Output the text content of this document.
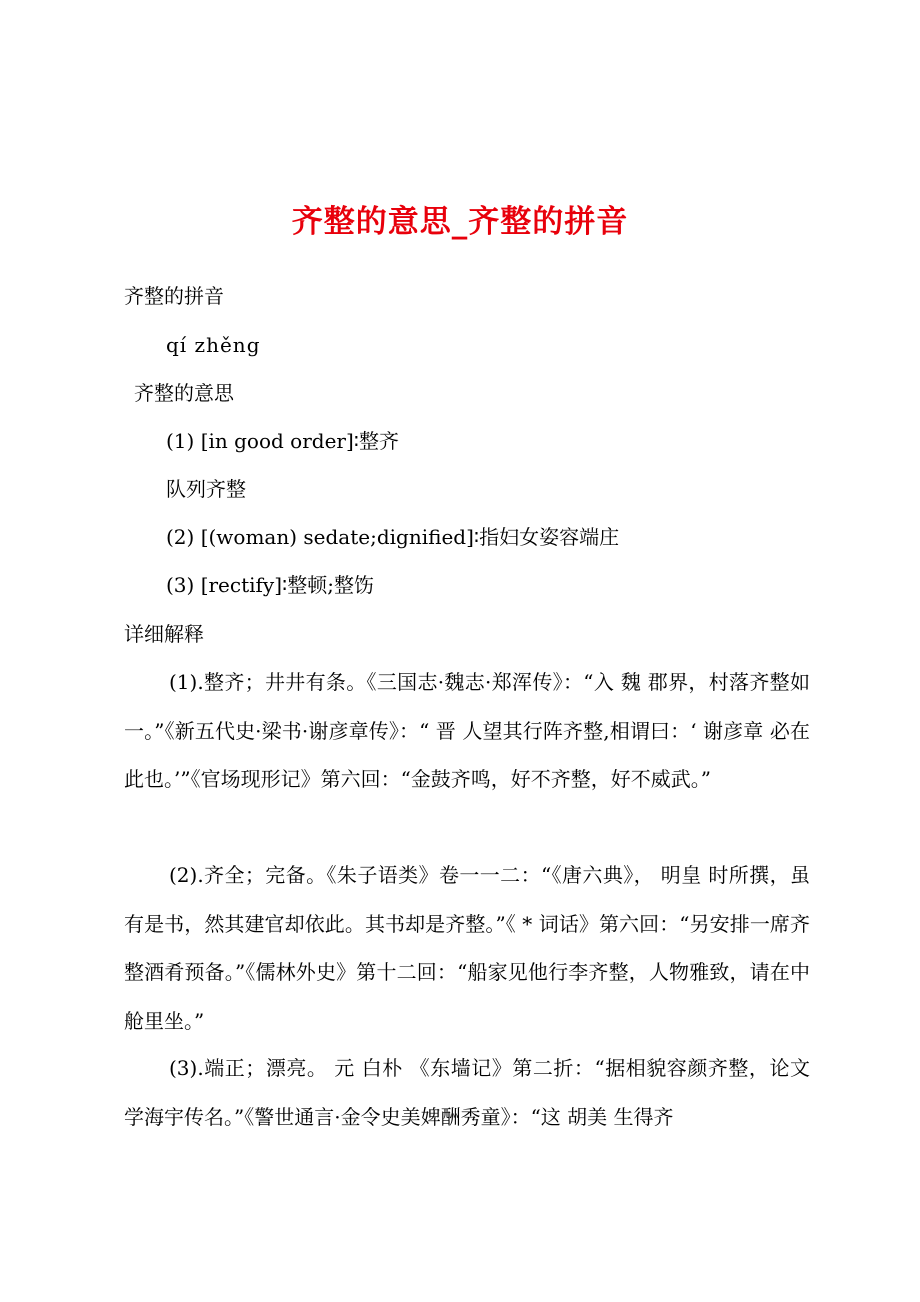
齐整的意思_齐整的拼音

齐整的拼音

qí zhěng

齐整的意思

(1) [in good order]∶整齐

队列齐整

(2) [(woman) sedate;dignified]∶指妇女姿容端庄

(3) [rectify]∶整顿;整饬

详细解释

(1).整齐；井井有条。《三国志·魏志·郑浑传》：“入 魏 郡界，村落齐整如一。”《新五代史·梁书·谢彦章传》：“ 晋 人望其行阵齐整,相谓曰：‘ 谢彦章 必在此也。’”《官场现形记》第六回：“金鼓齐鸣，好不齐整，好不威武。”

(2).齐全；完备。《朱子语类》卷一一二：“《唐六典》， 明皇 时所撰，虽有是书，然其建官却依此。其书却是齐整。”《 * 词话》第六回：“另安排一席齐整酒肴预备。”《儒林外史》第十二回：“船家见他行李齐整，人物雅致，请在中舱里坐。”

(3).端正；漂亮。 元 白朴 《东墙记》第二折：“据相貌容颜齐整，论文学海宇传名。”《警世通言·金令史美婢酬秀童》：“这 胡美 生得齐
